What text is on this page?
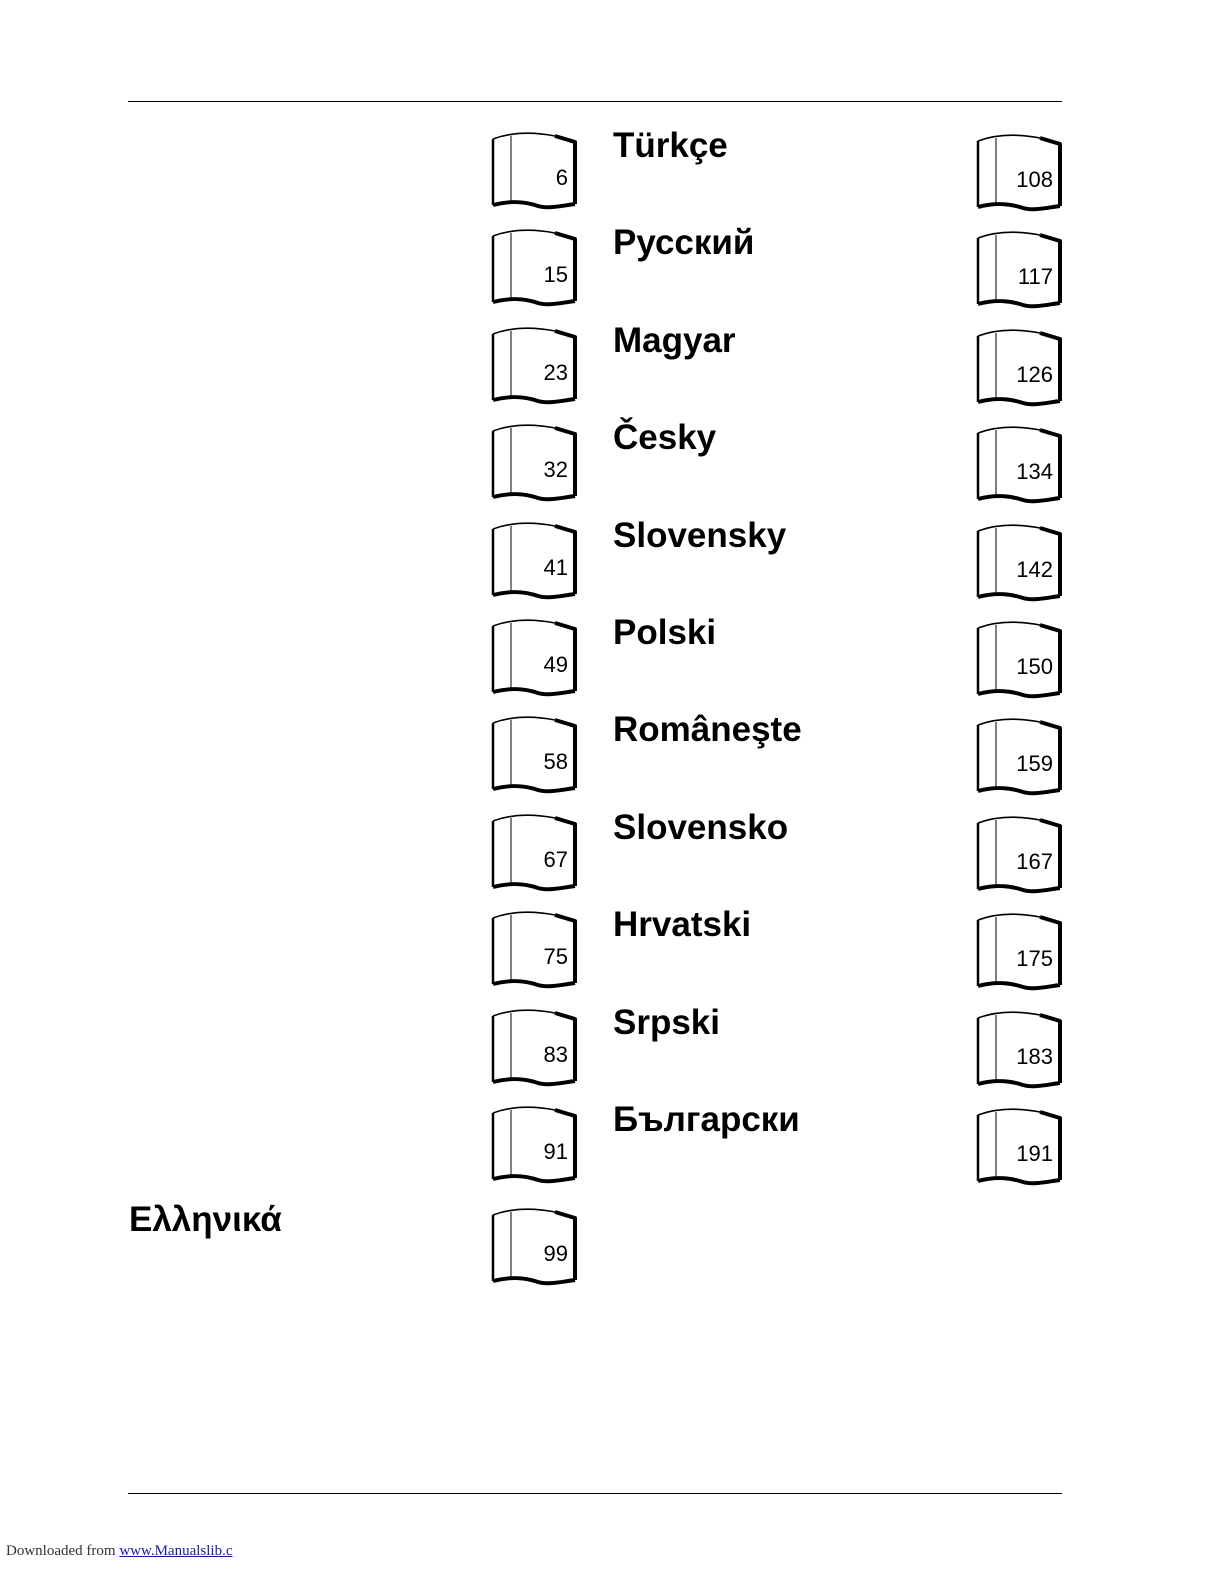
6
Türkçe
108
15
Русский
117
23
Magyar
126
32
Česky
134
41
Slovensky
142
49
Polski
150
58
Româneşte
159
67
Slovensko
167
75
Hrvatski
175
83
Srpski
183
91
Български
191
Ελληνικά
99
Downloaded from www.Manualslib.c
